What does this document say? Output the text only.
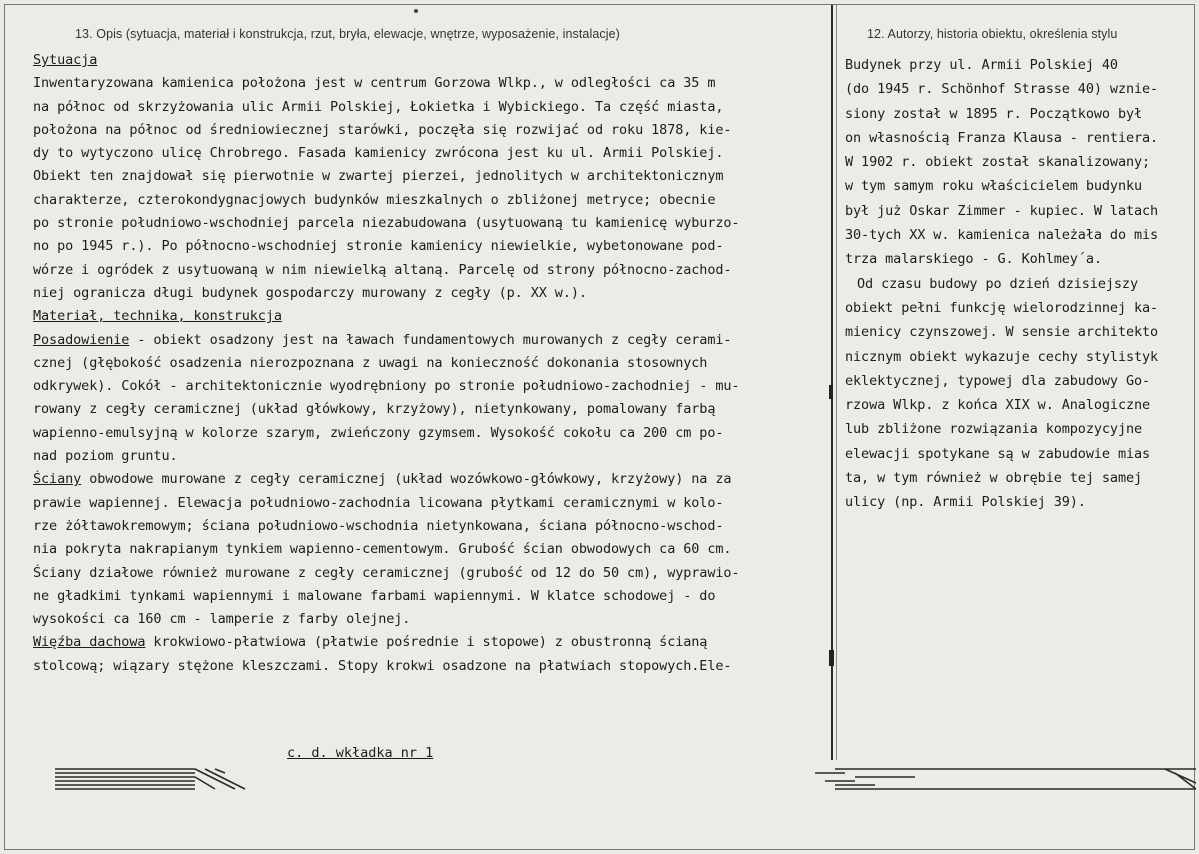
13. Opis (sytuacja, materiał i konstrukcja, rzut, bryła, elewacje, wnętrze, wyposażenie, instalacje)	12. Autorzy, historia obiektu, określenia stylu
Sytuacja
Inwentaryzowana kamienica położona jest w centrum Gorzowa Wlkp., w odległości ca 35 m
na północ od skrzyżowania ulic Armii Polskiej, Łokietka i Wybickiego. Ta część miasta,
położona na północ od średniowiecznej starówki, poczęła się rozwijać od roku 1878, kie-
dy to wytyczono ulicę Chrobrego. Fasada kamienicy zwrócona jest ku ul. Armii Polskiej.
Obiekt ten znajdował się pierwotnie w zwartej pierzei, jednolitych w architektonicznym
charakterze, czterokondygnacjowych budynków mieszkalnych o zbliżonej metryce; obecnie
po stronie południowo-wschodniej parcela niezabudowana (usytuowaną tu kamienicę wyburzo-
no po 1945 r.). Po północno-wschodniej stronie kamienicy niewielkie, wybetonowane pod-
wórze i ogródek z usytuowaną w nim niewielką altaną. Parcelę od strony północno-zachod-
niej ogranicza długi budynek gospodarczy murowany z cegły (p. XX w.).
Materiał, technika, konstrukcja
Posadowienie - obiekt osadzony jest na ławach fundamentowych murowanych z cegły cerami-
cznej (głębokość osadzenia nierozpoznana z uwagi na konieczność dokonania stosownych
odkrywek). Cokół - architektonicznie wyodrębniony po stronie południowo-zachodniej - mu-
rowany z cegły ceramicznej (układ główkowy, krzyżowy), nietynkowany, pomalowany farbą
wapienno-emulsyjną w kolorze szarym, zwieńczony gzymsem. Wysokość cokołu ca 200 cm po-
nad poziom gruntu.
Ściany obwodowe murowane z cegły ceramicznej (układ wozówkowo-główkowy, krzyżowy) na za
prawie wapiennej. Elewacja południowo-zachodnia licowana płytkami ceramicznymi w kolo-
rze żółtawokremowym; ściana południowo-wschodnia nietynkowana, ściana północno-wschod-
nia pokryta nakrapianym tynkiem wapienno-cementowym. Grubość ścian obwodowych ca 60 cm.
Ściany działowe również murowane z cegły ceramicznej (grubość od 12 do 50 cm), wyprawio-
ne gładkimi tynkami wapiennymi i malowane farbami wapiennymi. W klatce schodowej - do
wysokości ca 160 cm - lamperie z farby olejnej.
Więźba dachowa krokwiowo-płatwiowa (płatwie pośrednie i stopowe) z obustronną ścianą
stolcową; wiązary stężone kleszczami. Stopy krokwi osadzone na płatwiach stopowych.Ele-
c. d. wkładka nr 1
Budynek przy ul. Armii Polskiej 40
(do 1945 r. Schönhof Strasse 40) wznie-
siony został w 1895 r. Początkowo był
on własnością Franza Klausa - rentiera.
W 1902 r. obiekt został skanalizowany;
w tym samym roku właścicielem budynku
był już Oskar Zimmer - kupiec. W latach
30-tych XX w. kamienica należała do mis
trza malarskiego - G. Kohlmey´a.
Od czasu budowy po dzień dzisiejszy
obiekt pełni funkcję wielorodzinnej ka-
mienicy czynszowej. W sensie architekto
nicznym obiekt wykazuje cechy stylistyk
eklektycznej, typowej dla zabudowy Go-
rzowa Wlkp. z końca XIX w. Analogiczne
lub zbliżone rozwiązania kompozycyjne
elewacji spotykane są w zabudowie mias
ta, w tym również w obrębie tej samej
ulicy (np. Armii Polskiej 39).
